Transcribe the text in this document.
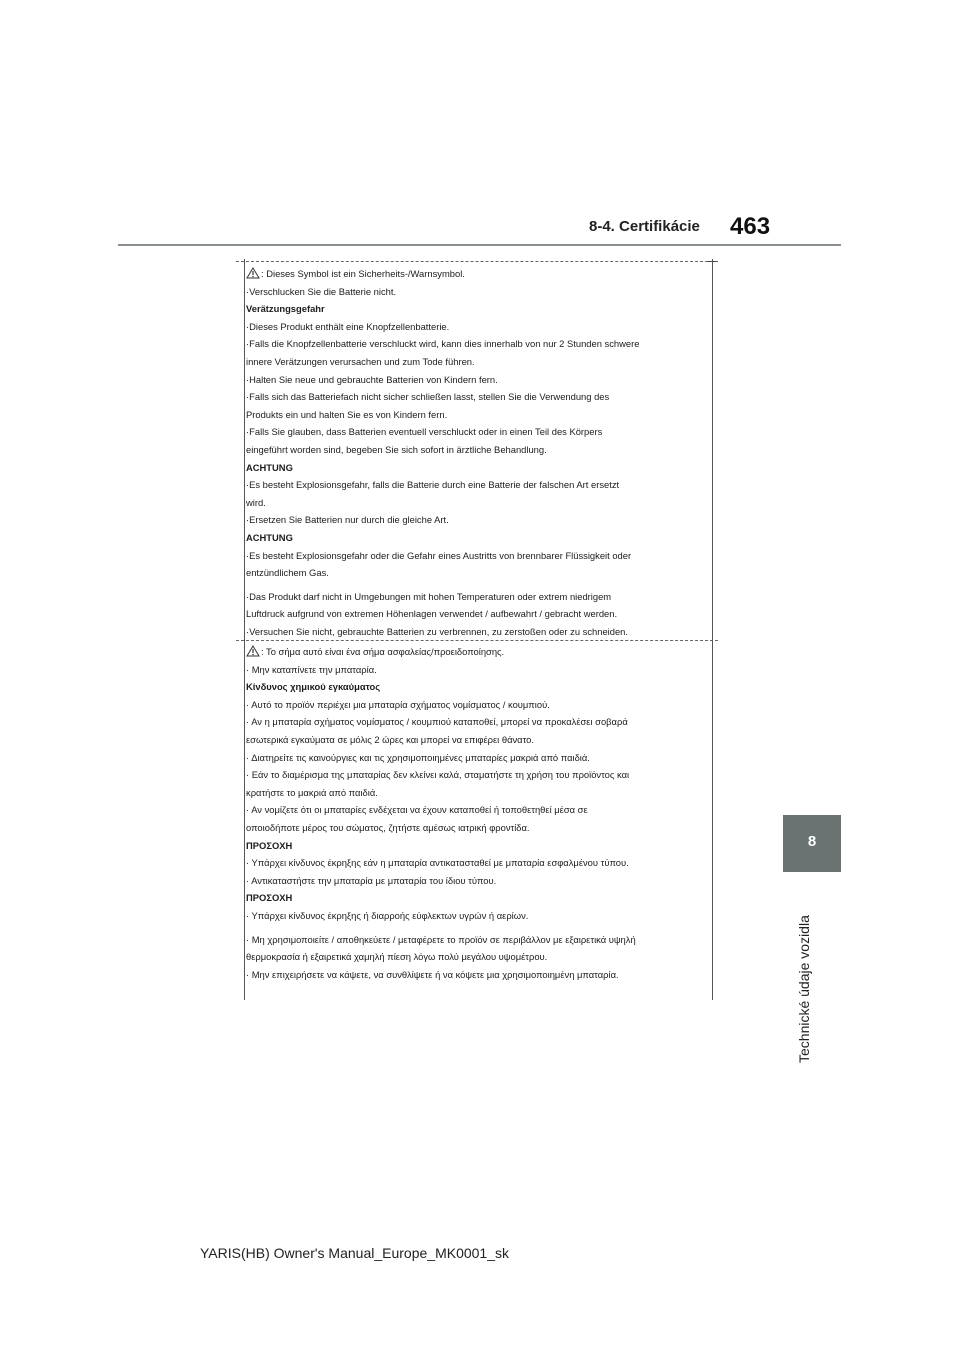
8-4. Certifikácie 463
8
Technické údaje vozidla
: Dieses Symbol ist ein Sicherheits-/Warnsymbol.
·Verschlucken Sie die Batterie nicht.
Verätzungsgefahr
·Dieses Produkt enthält eine Knopfzellenbatterie.
·Falls die Knopfzellenbatterie verschluckt wird, kann dies innerhalb von nur 2 Stunden schwere
innere Verätzungen verursachen und zum Tode führen.
·Halten Sie neue und gebrauchte Batterien von Kindern fern.
·Falls sich das Batteriefach nicht sicher schließen lasst, stellen Sie die Verwendung des
Produkts ein und halten Sie es von Kindern fern.
·Falls Sie glauben, dass Batterien eventuell verschluckt oder in einen Teil des Körpers
eingeführt worden sind, begeben Sie sich sofort in ärztliche Behandlung.
ACHTUNG
·Es besteht Explosionsgefahr, falls die Batterie durch eine Batterie der falschen Art ersetzt
wird.
·Ersetzen Sie Batterien nur durch die gleiche Art.
ACHTUNG
·Es besteht Explosionsgefahr oder die Gefahr eines Austritts von brennbarer Flüssigkeit oder
entzündlichem Gas.
·Das Produkt darf nicht in Umgebungen mit hohen Temperaturen oder extrem niedrigem
Luftdruck aufgrund von extremen Höhenlagen verwendet / aufbewahrt / gebracht werden.
·Versuchen Sie nicht, gebrauchte Batterien zu verbrennen, zu zerstoßen oder zu schneiden.
: Το σήμα αυτό είναι ένα σήμα ασφαλείας/προειδοποίησης.
· Μην καταπίνετε την μπαταρία.
Κίνδυνος χημικού εγκαύματος
· Αυτό το προϊόν περιέχει μια μπαταρία σχήματος νομίσματος / κουμπιού.
· Αν η μπαταρία σχήματος νομίσματος / κουμπιού καταποθεί, μπορεί να προκαλέσει σοβαρά
εσωτερικά εγκαύματα σε μόλις 2 ώρες και μπορεί να επιφέρει θάνατο.
· Διατηρείτε τις καινούργιες και τις χρησιμοποιημένες μπαταρίες μακριά από παιδιά.
· Εάν το διαμέρισμα της μπαταρίας δεν κλείνει καλά, σταματήστε τη χρήση του προϊόντος και
κρατήστε το μακριά από παιδιά.
· Αν νομίζετε ότι οι μπαταρίες ενδέχεται να έχουν καταποθεί ή τοποθετηθεί μέσα σε
οποιοδήποτε μέρος του σώματος, ζητήστε αμέσως ιατρική φροντίδα.
ΠΡΟΣΟΧΗ
· Υπάρχει κίνδυνος έκρηξης εάν η μπαταρία αντικατασταθεί με μπαταρία εσφαλμένου τύπου.
· Αντικαταστήστε την μπαταρία με μπαταρία του ίδιου τύπου.
ΠΡΟΣΟΧΗ
· Υπάρχει κίνδυνος έκρηξης ή διαρροής εύφλεκτων υγρών ή αερίων.
· Μη χρησιμοποιείτε / αποθηκεύετε / μεταφέρετε το προϊόν σε περιβάλλον με εξαιρετικά υψηλή
θερμοκρασία ή εξαιρετικά χαμηλή πίεση λόγω πολύ μεγάλου υψομέτρου.
· Μην επιχειρήσετε να κάψετε, να συνθλίψετε ή να κόψετε μια χρησιμοποιημένη μπαταρία.
YARIS(HB) Owner's Manual_Europe_MK0001_sk
